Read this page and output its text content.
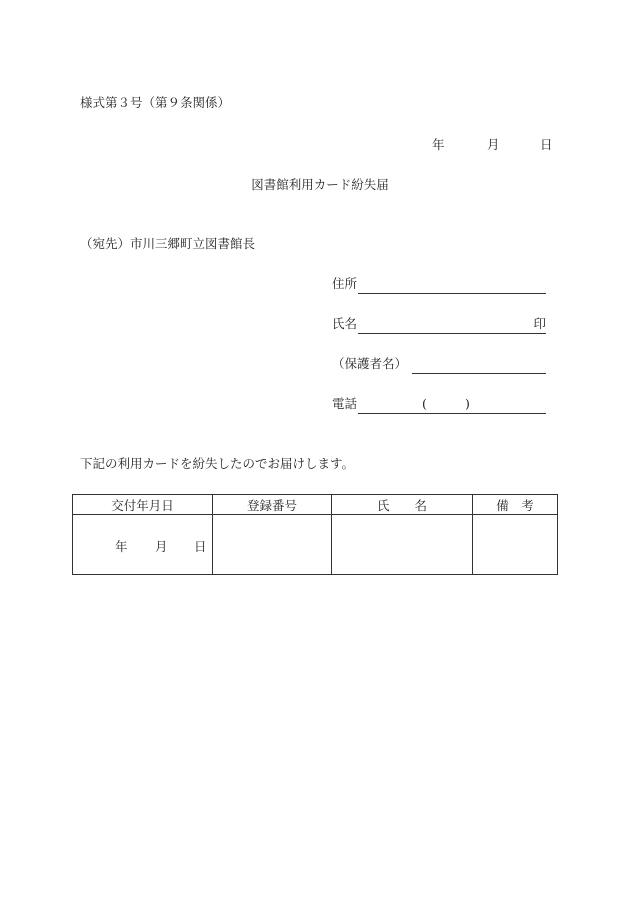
様式第３号（第９条関係）
年	月	日
図書館利用カード紛失届
（宛先）市川三郷町立図書館長
住所
氏名	印
（保護者名）
電話	(	)
下記の利用カードを紛失したのでお届けします。
交付年月日	登録番号	氏　　名	備　考

年 月 日			
